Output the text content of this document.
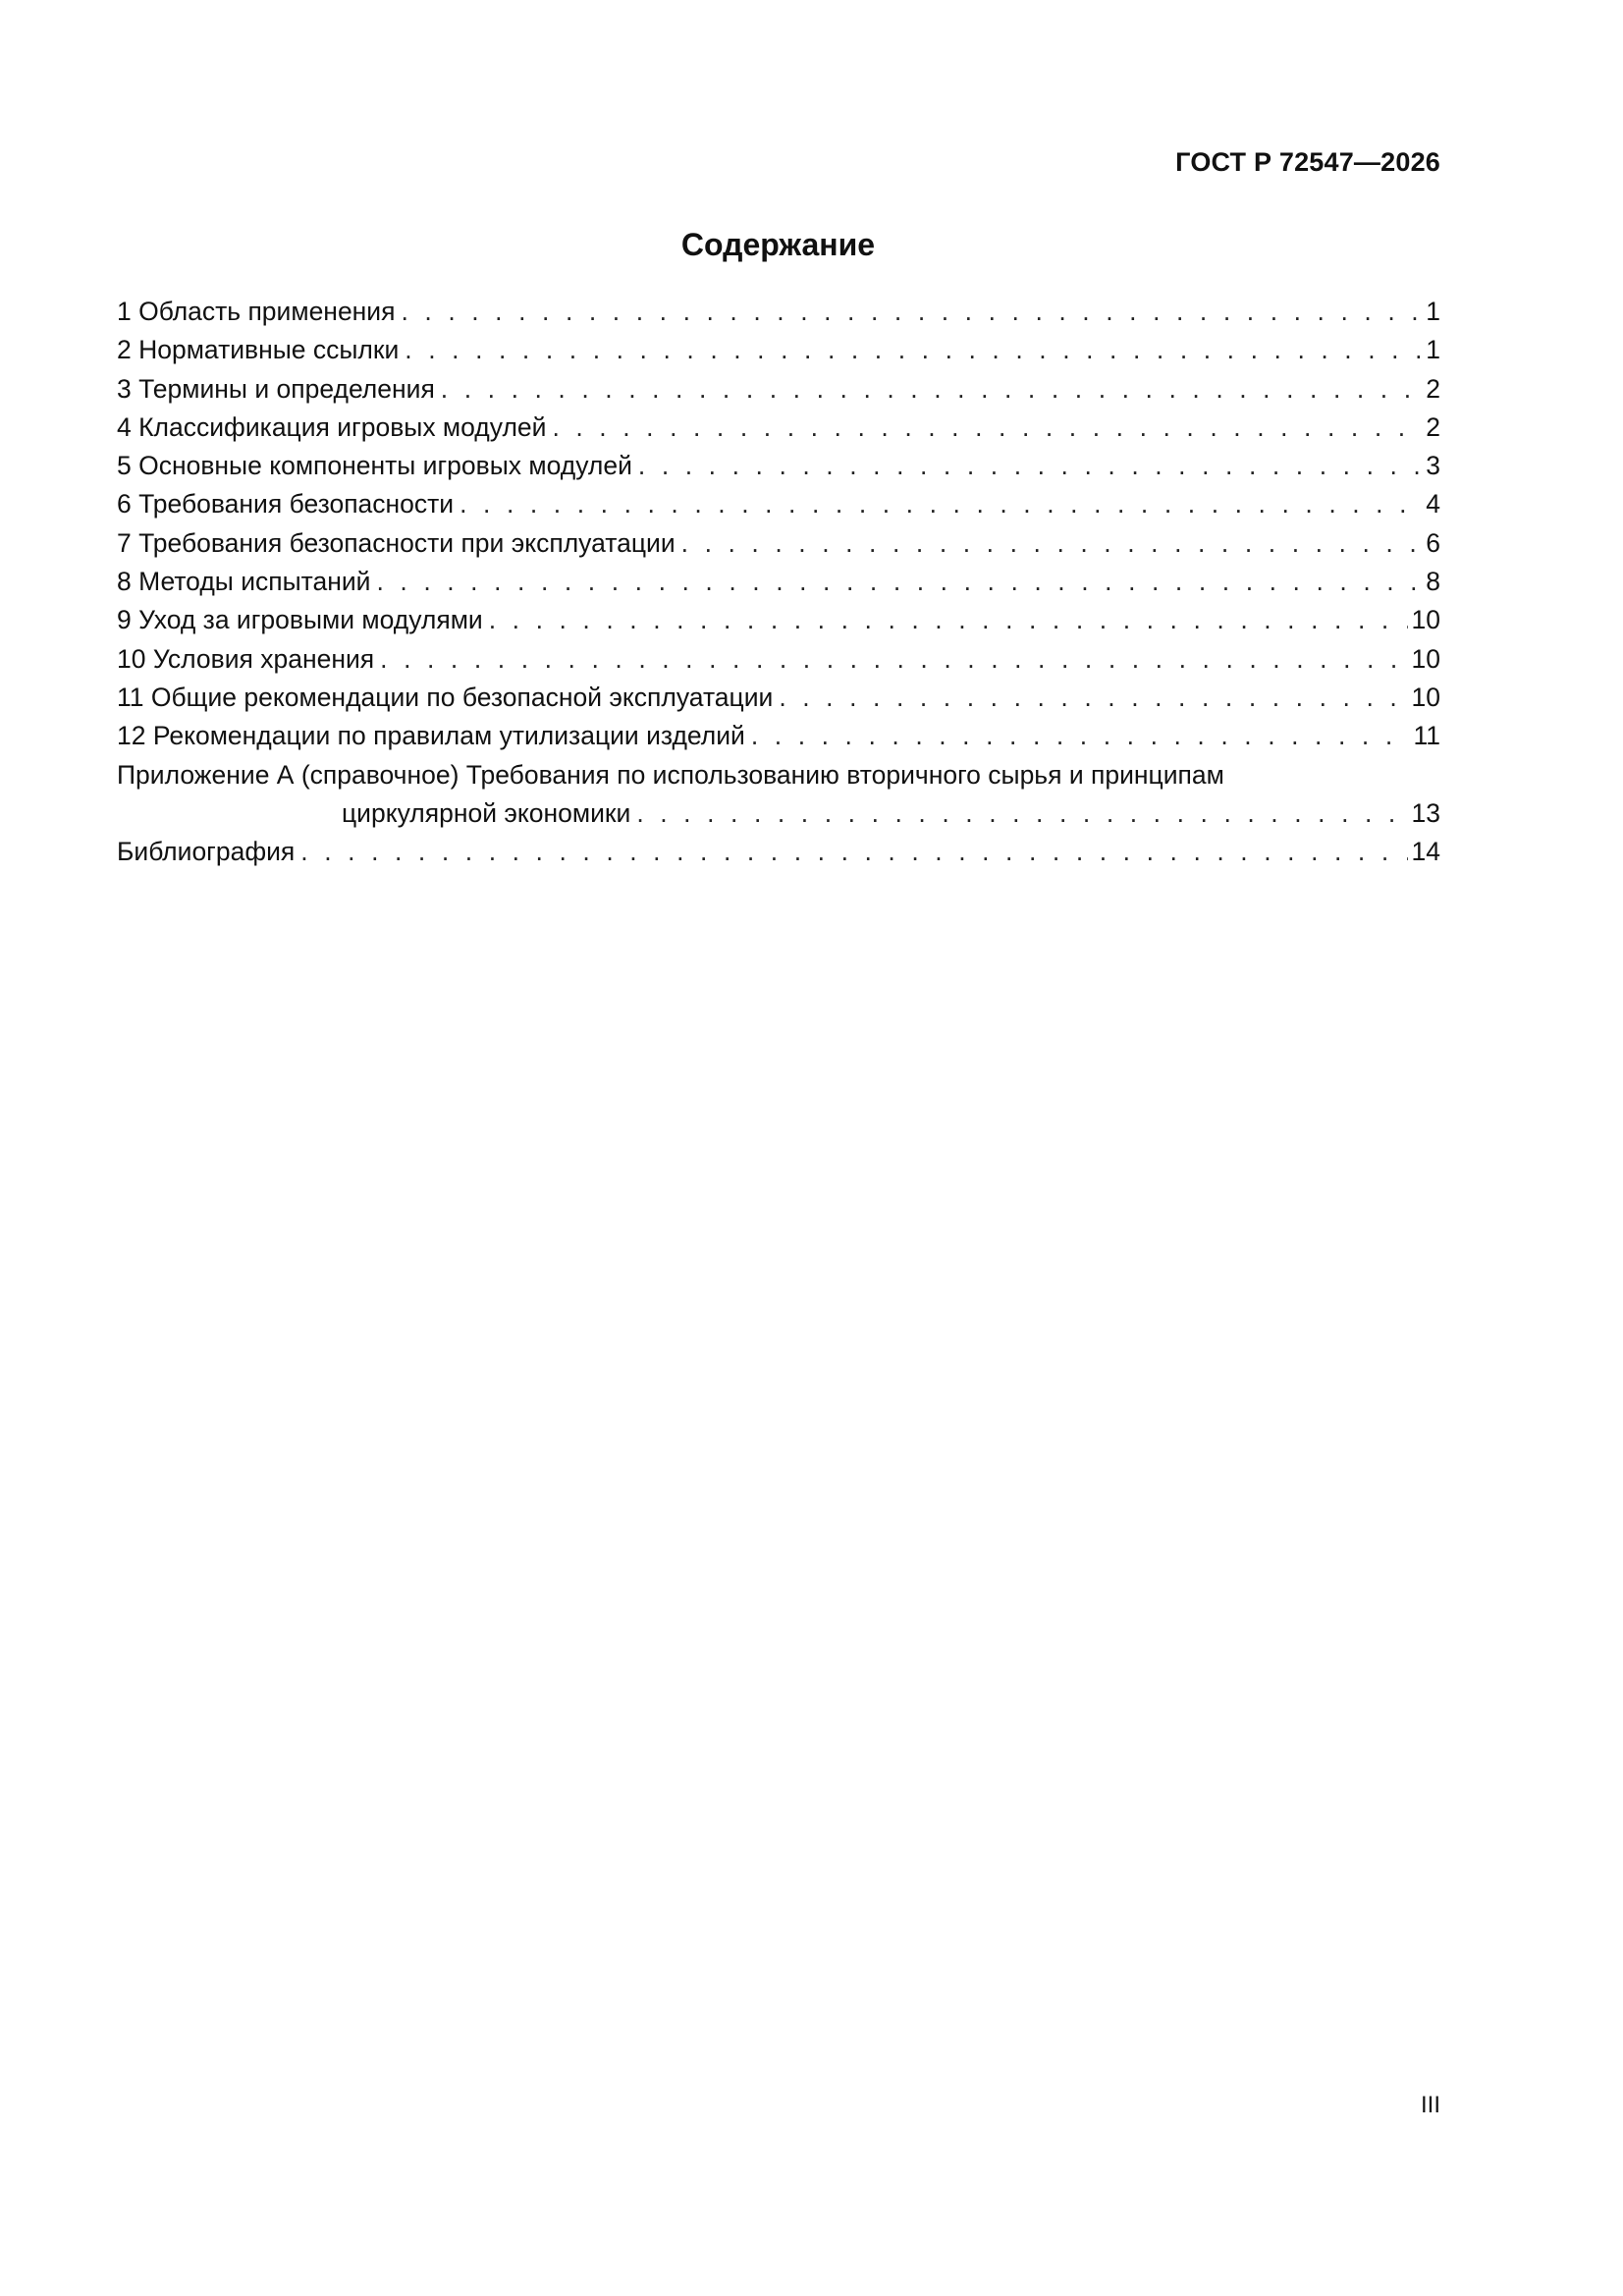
ГОСТ Р 72547—2026
Содержание
1 Область применения . . .	1
2 Нормативные ссылки . . .	1
3 Термины и определения . . .	2
4 Классификация игровых модулей . . .	2
5 Основные компоненты игровых модулей . . .	3
6 Требования безопасности . . .	4
7 Требования безопасности при эксплуатации . . .	6
8 Методы испытаний . . .	8
9 Уход за игровыми модулями . . .	10
10 Условия хранения . . .	10
11 Общие рекомендации по безопасной эксплуатации . . .	10
12 Рекомендации по правилам утилизации изделий . . .	11
Приложение А (справочное) Требования по использованию вторичного сырья и принципам
циркулярной экономики . . .	13
Библиография . . .	14
III
